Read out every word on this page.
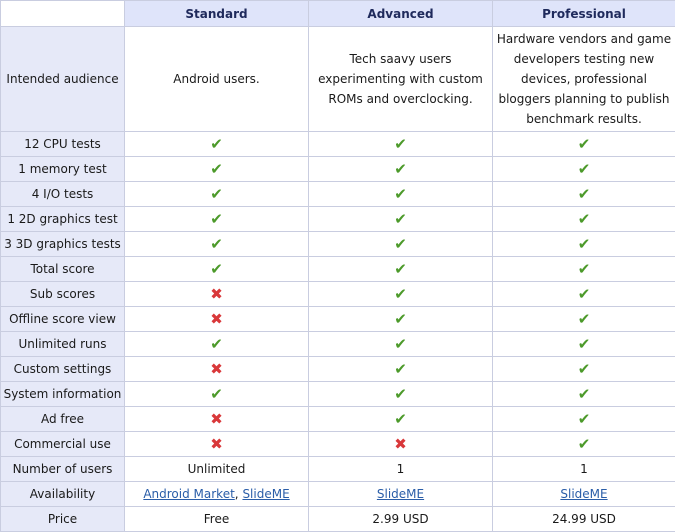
	Standard	Advanced	Professional
Intended audience	Android users.	Tech saavy users experimenting with custom ROMs and overclocking.	Hardware vendors and game developers testing new devices, professional bloggers planning to publish benchmark results.
12 CPU tests	✔	✔	✔
1 memory test	✔	✔	✔
4 I/O tests	✔	✔	✔
1 2D graphics test	✔	✔	✔
3 3D graphics tests	✔	✔	✔
Total score	✔	✔	✔
Sub scores	✖	✔	✔
Offline score view	✖	✔	✔
Unlimited runs	✔	✔	✔
Custom settings	✖	✔	✔
System information	✔	✔	✔
Ad free	✖	✔	✔
Commercial use	✖	✖	✔
Number of users	Unlimited	1	1
Availability	Android Market, SlideME	SlideME	SlideME
Price	Free	2.99 USD	24.99 USD
